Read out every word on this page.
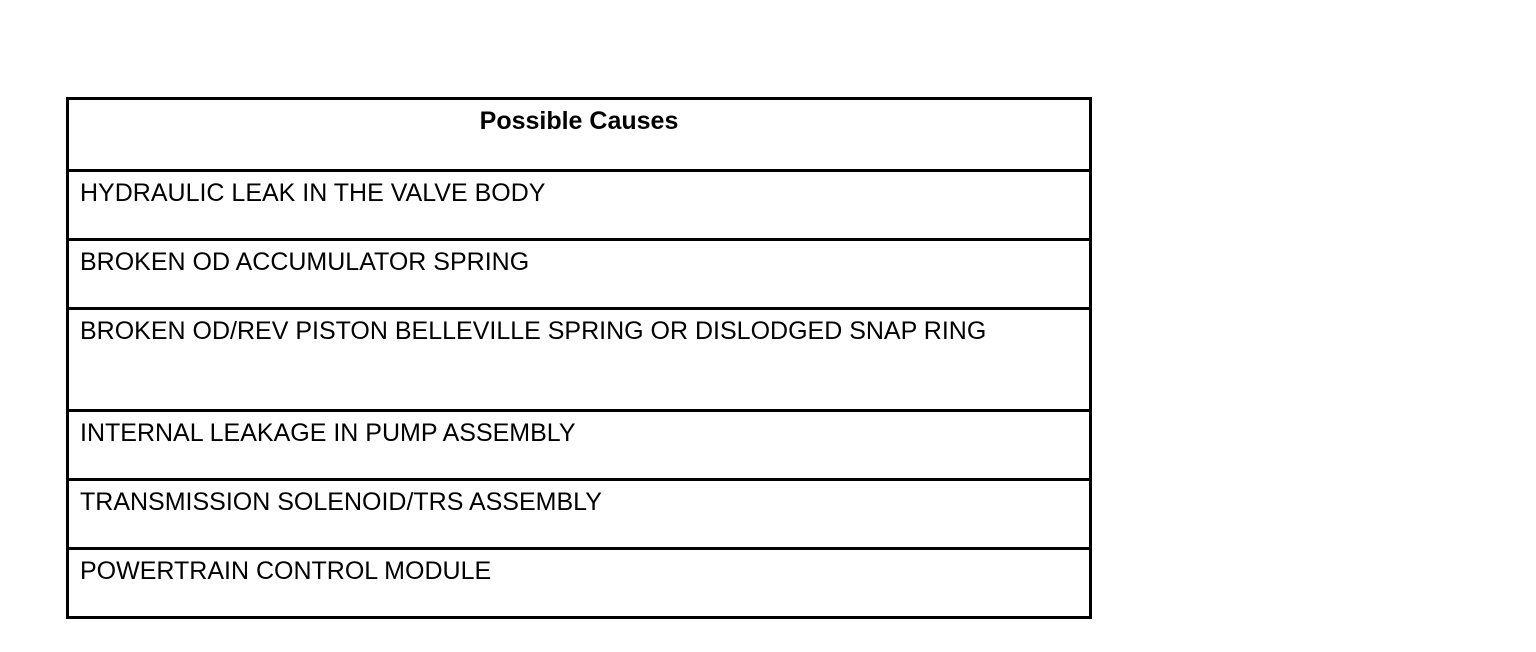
Possible Causes
HYDRAULIC LEAK IN THE VALVE BODY
BROKEN OD ACCUMULATOR SPRING
BROKEN OD/REV PISTON BELLEVILLE SPRING OR DISLODGED SNAP RING
INTERNAL LEAKAGE IN PUMP ASSEMBLY
TRANSMISSION SOLENOID/TRS ASSEMBLY
POWERTRAIN CONTROL MODULE
